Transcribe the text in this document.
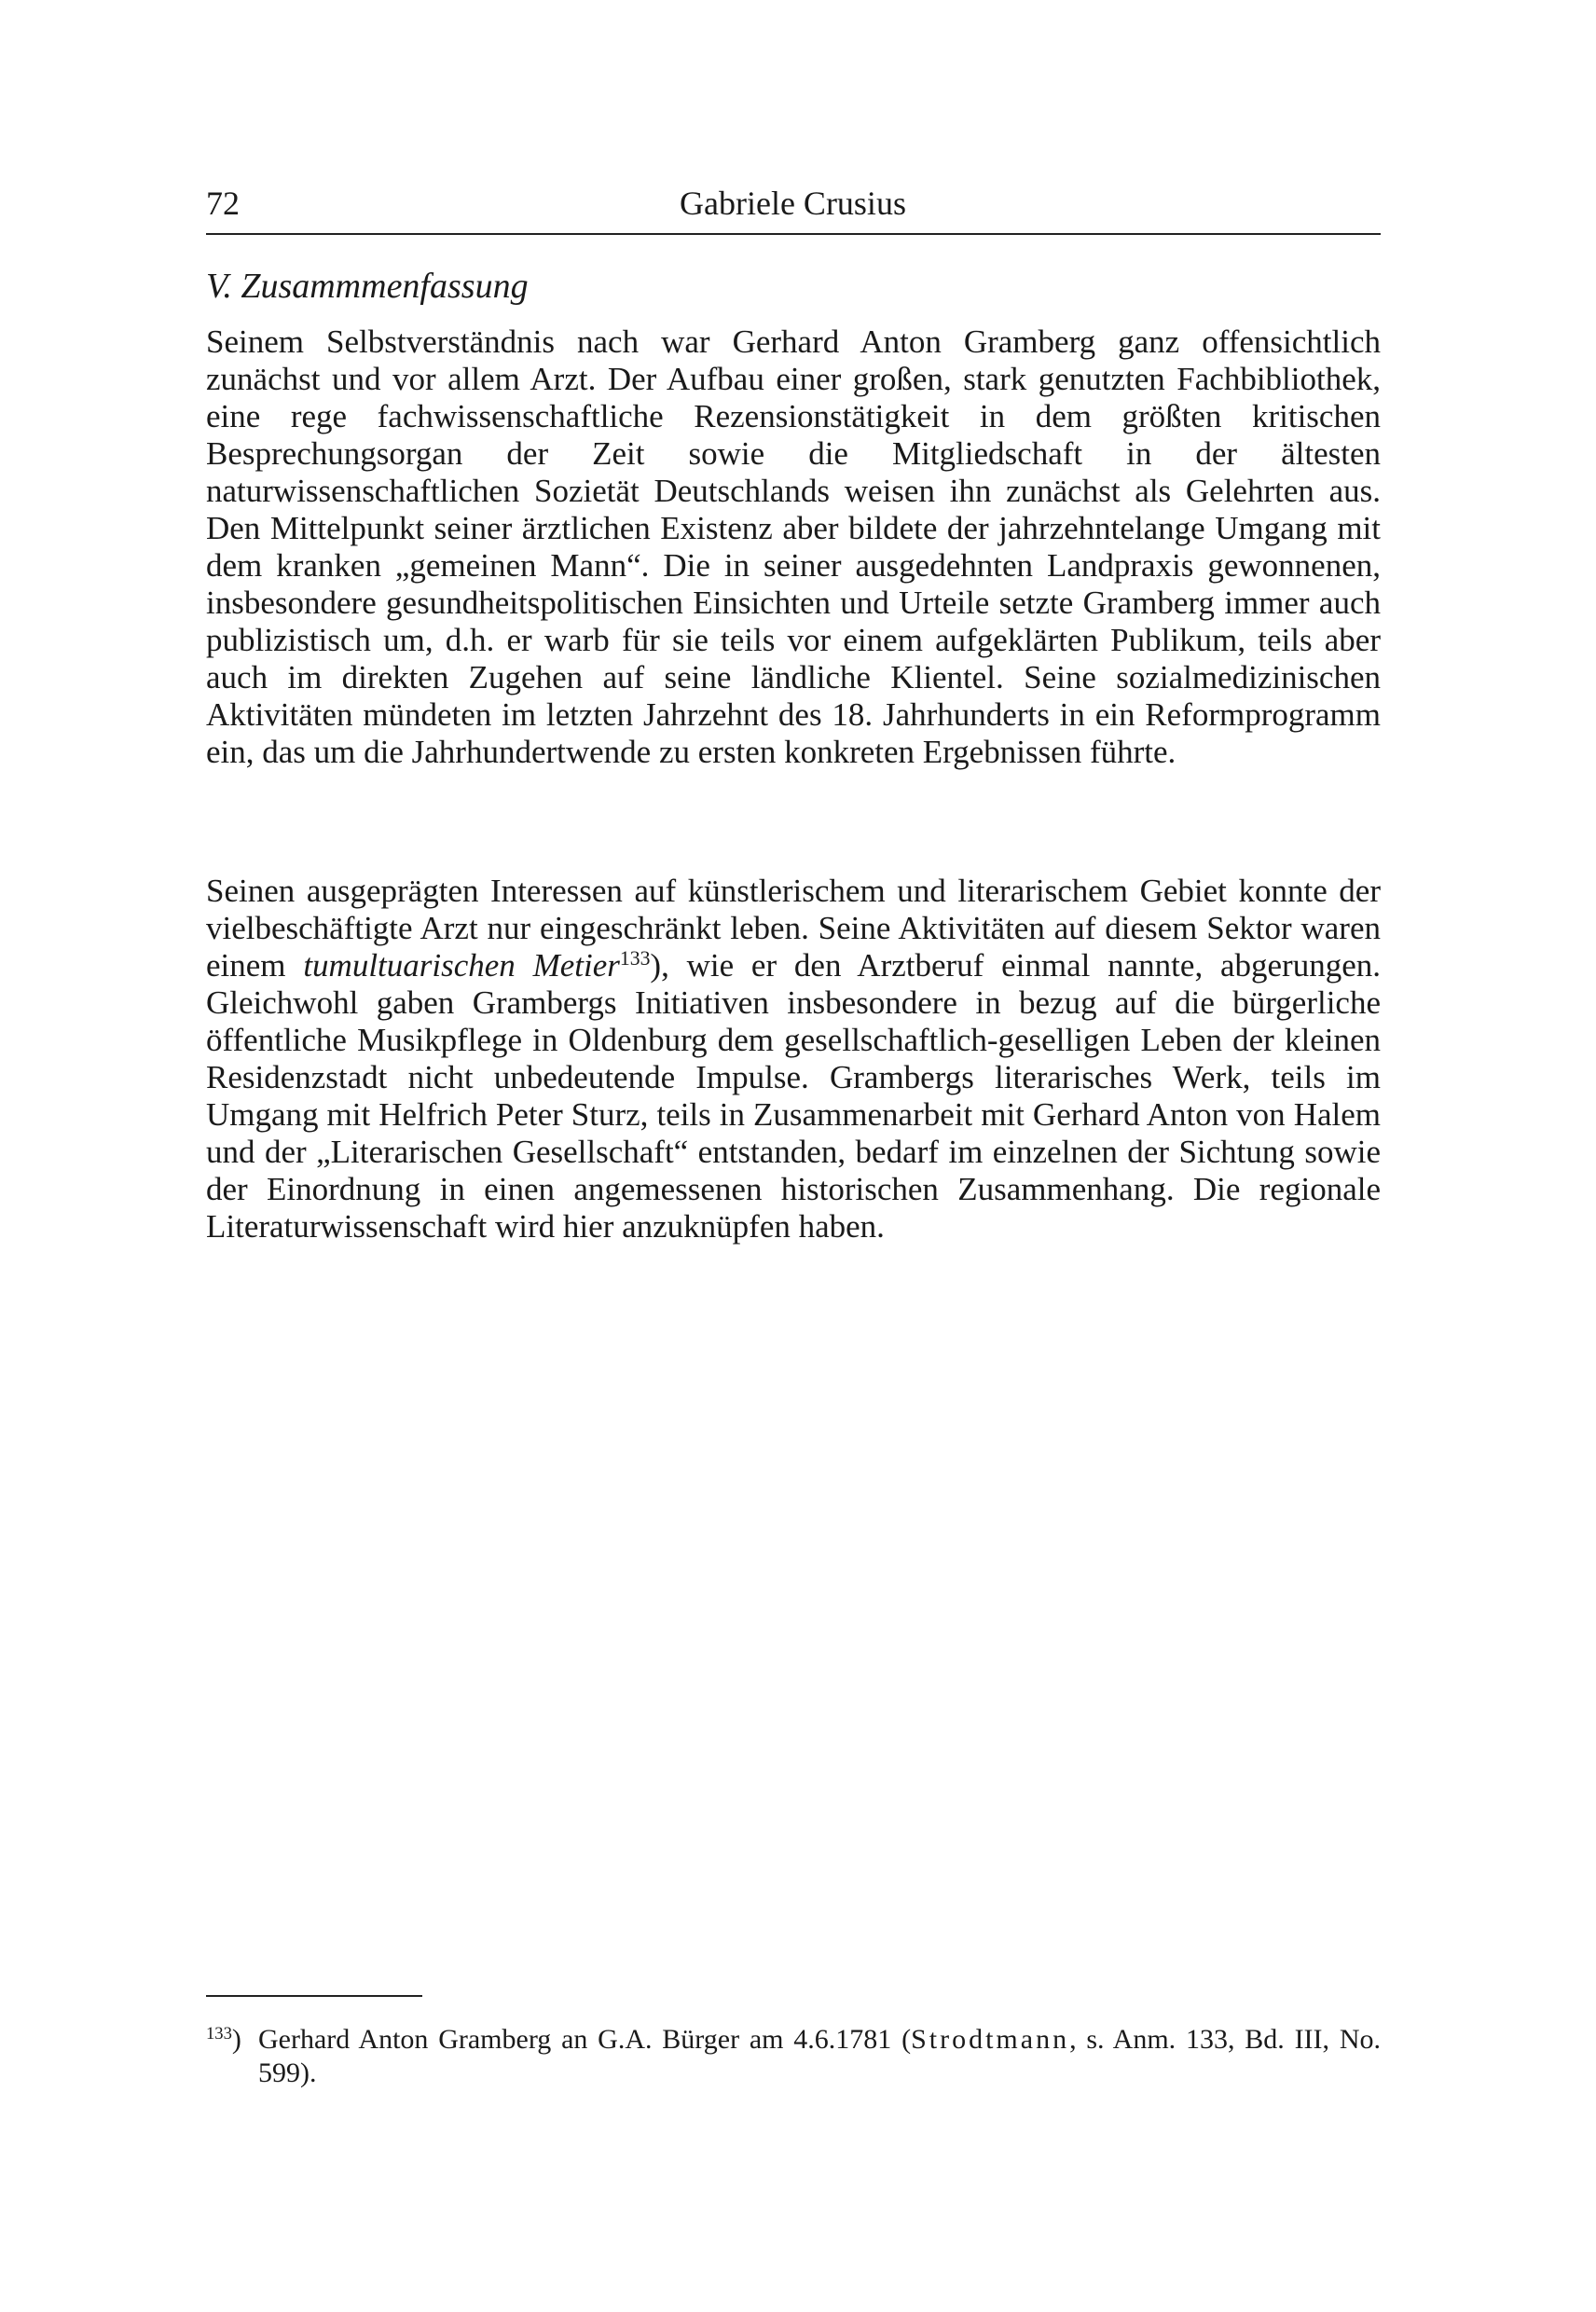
72	Gabriele Crusius
V. Zusammmenfassung

Seinem Selbstverständnis nach war Gerhard Anton Gramberg ganz offensichtlich zunächst und vor allem Arzt. Der Aufbau einer großen, stark genutzten Fachbibliothek, eine rege fachwissenschaftliche Rezensionstätigkeit in dem größten kritischen Besprechungsorgan der Zeit sowie die Mitgliedschaft in der ältesten naturwissenschaftlichen Sozietät Deutschlands weisen ihn zunächst als Gelehrten aus. Den Mittelpunkt seiner ärztlichen Existenz aber bildete der jahrzehntelange Umgang mit dem kranken „gemeinen Mann“. Die in seiner ausgedehnten Landpraxis gewonnenen, insbesondere gesundheitspolitischen Einsichten und Urteile setzte Gramberg immer auch publizistisch um, d.h. er warb für sie teils vor einem aufgeklärten Publikum, teils aber auch im direkten Zugehen auf seine ländliche Klientel. Seine sozialmedizinischen Aktivitäten mündeten im letzten Jahrzehnt des 18. Jahrhunderts in ein Reformprogramm ein, das um die Jahrhundertwende zu ersten konkreten Ergebnissen führte.

Seinen ausgeprägten Interessen auf künstlerischem und literarischem Gebiet konnte der vielbeschäftigte Arzt nur eingeschränkt leben. Seine Aktivitäten auf diesem Sektor waren einem tumultuarischen Metier$^{133}$), wie er den Arztberuf einmal nannte, abgerungen. Gleichwohl gaben Grambergs Initiativen insbesondere in bezug auf die bürgerliche öffentliche Musikpflege in Oldenburg dem gesellschaftlich-geselligen Leben der kleinen Residenzstadt nicht unbedeutende Impulse. Grambergs literarisches Werk, teils im Umgang mit Helfrich Peter Sturz, teils in Zusammenarbeit mit Gerhard Anton von Halem und der „Literarischen Gesellschaft“ entstanden, bedarf im einzelnen der Sichtung sowie der Einordnung in einen angemessenen historischen Zusammenhang. Die regionale Literaturwissenschaft wird hier anzuknüpfen haben.

$^{133}$) Gerhard Anton Gramberg an G.A. Bürger am 4.6.1781 (Strodtmann, s. Anm. 133, Bd. III, No. 599).
